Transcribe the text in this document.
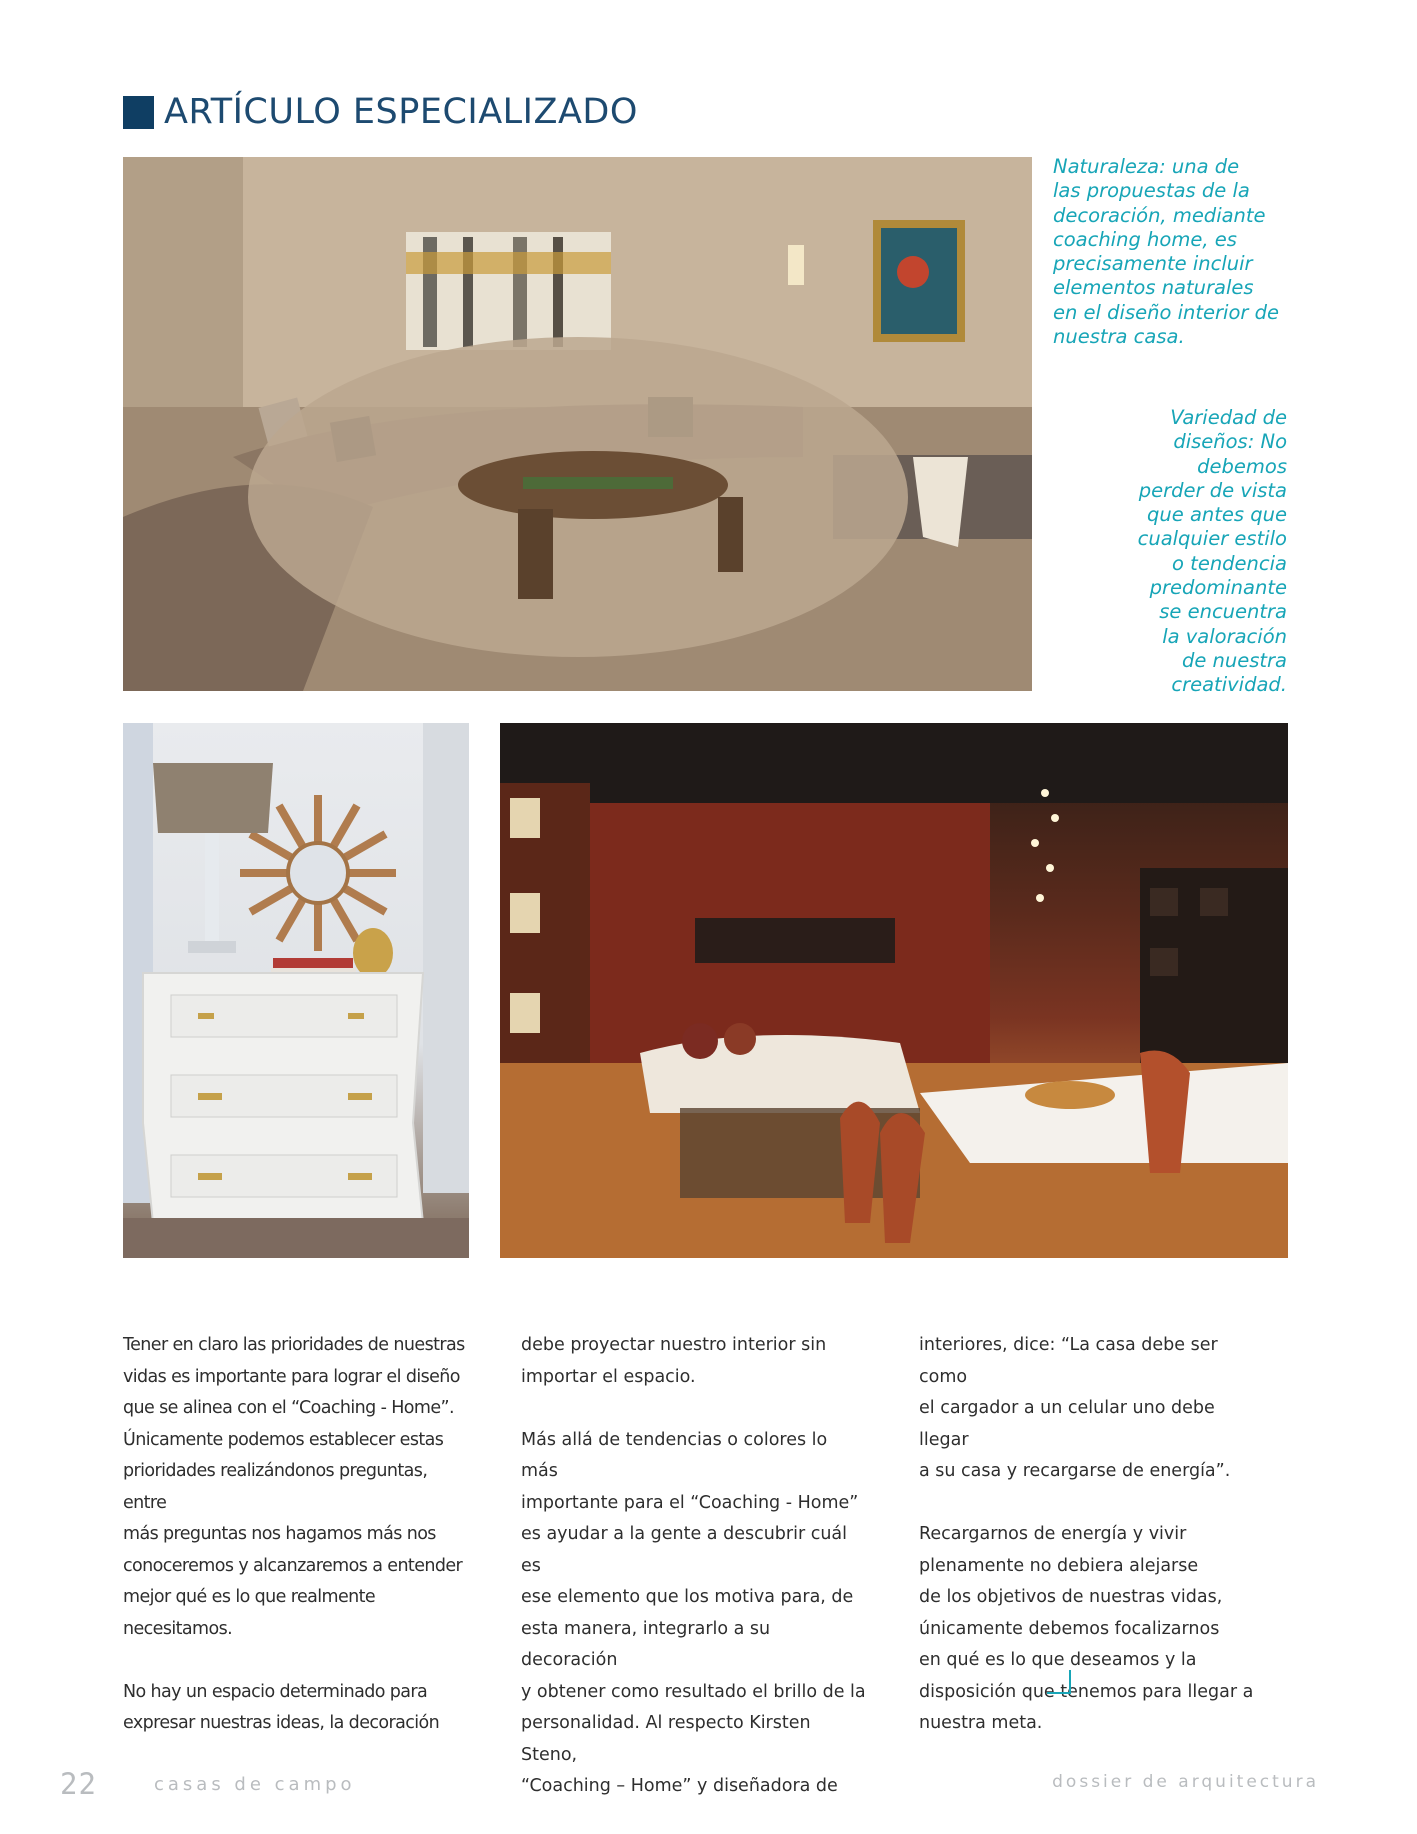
ARTÍCULO ESPECIALIZADO
Naturaleza: una de
las propuestas de la
decoración, mediante
coaching home, es
precisamente incluir
elementos naturales
en el diseño interior de
nuestra casa.
Variedad de
diseños: No
debemos
perder de vista
que antes que
cualquier estilo
o tendencia
predominante
se encuentra
la valoración
de nuestra
creatividad.

Tener en claro las prioridades de nuestras
vidas es importante para lograr el diseño
que se alinea con el “Coaching - Home”.
Únicamente podemos establecer estas
prioridades realizándonos preguntas, entre
más preguntas nos hagamos más nos
conoceremos y alcanzaremos a entender
mejor qué es lo que realmente necesitamos.

No hay un espacio determinado para
expresar nuestras ideas, la decoración

debe proyectar nuestro interior sin
importar el espacio.

Más allá de tendencias o colores lo más
importante para el “Coaching - Home”
es ayudar a la gente a descubrir cuál es
ese elemento que los motiva para, de
esta manera, integrarlo a su decoración
y obtener como resultado el brillo de la
personalidad. Al respecto Kirsten Steno,
“Coaching – Home” y diseñadora de

interiores, dice: “La casa debe ser como
el cargador a un celular uno debe llegar
a su casa y recargarse de energía”.

Recargarnos de energía y vivir
plenamente no debiera alejarse
de los objetivos de nuestras vidas,
únicamente debemos focalizarnos
en qué es lo que deseamos y la
disposición que tenemos para llegar a
nuestra meta.

22	casas de campo	dossier de arquitectura
